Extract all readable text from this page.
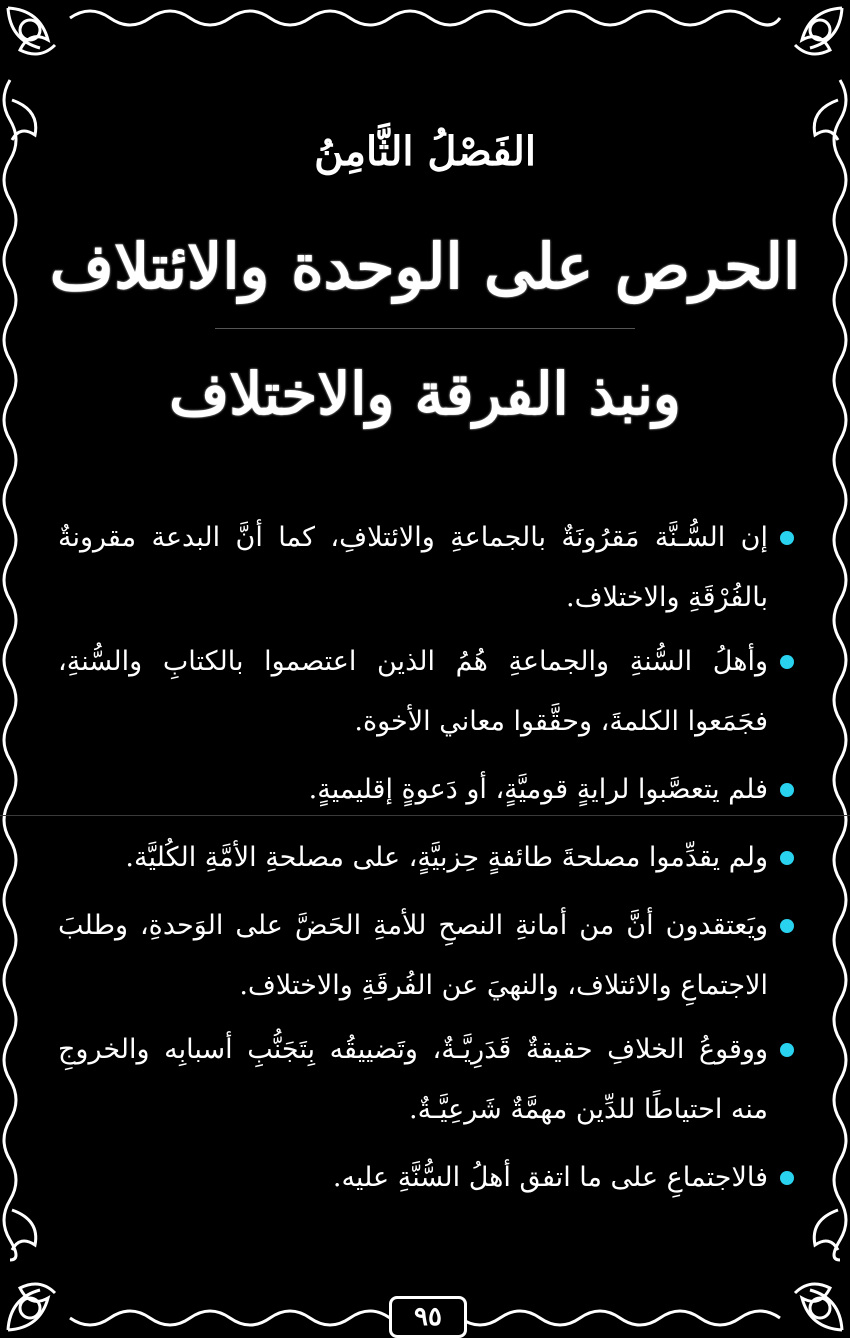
الفَصْلُ الثَّامِنُ
الحرص على الوحدة والائتلاف
ونبذ الفرقة والاختلاف
إن السُّـنَّة مَقرُونَةٌ بالجماعةِ والائتلافِ، كما أنَّ البدعة مقرونةٌ بالفُرْقَةِ والاختلاف.
وأهلُ السُّنةِ والجماعةِ هُمُ الذين اعتصموا بالكتابِ والسُّنةِ، فجَمَعوا الكلمةَ، وحقَّقوا معاني الأخوة.
فلم يتعصَّبوا لرايةٍ قوميَّةٍ، أو دَعوةٍ إقليميةٍ.
ولم يقدِّموا مصلحةَ طائفةٍ حِزبيَّةٍ، على مصلحةِ الأمَّةِ الكُليَّة.
ويَعتقدون أنَّ من أمانةِ النصحِ للأمةِ الحَضَّ على الوَحدةِ، وطلبَ الاجتماعِ والائتلاف، والنهيَ عن الفُرقَةِ والاختلاف.
ووقوعُ الخلافِ حقيقةٌ قَدَرِيَّـةٌ، وتَضييقُه بِتَجَنُّبِ أسبابِه والخروجِ منه احتياطًا للدِّين مهمَّةٌ شَرعِيَّـةٌ.
فالاجتماعِ على ما اتفق أهلُ السُّنَّةِ عليه.
٩٥
